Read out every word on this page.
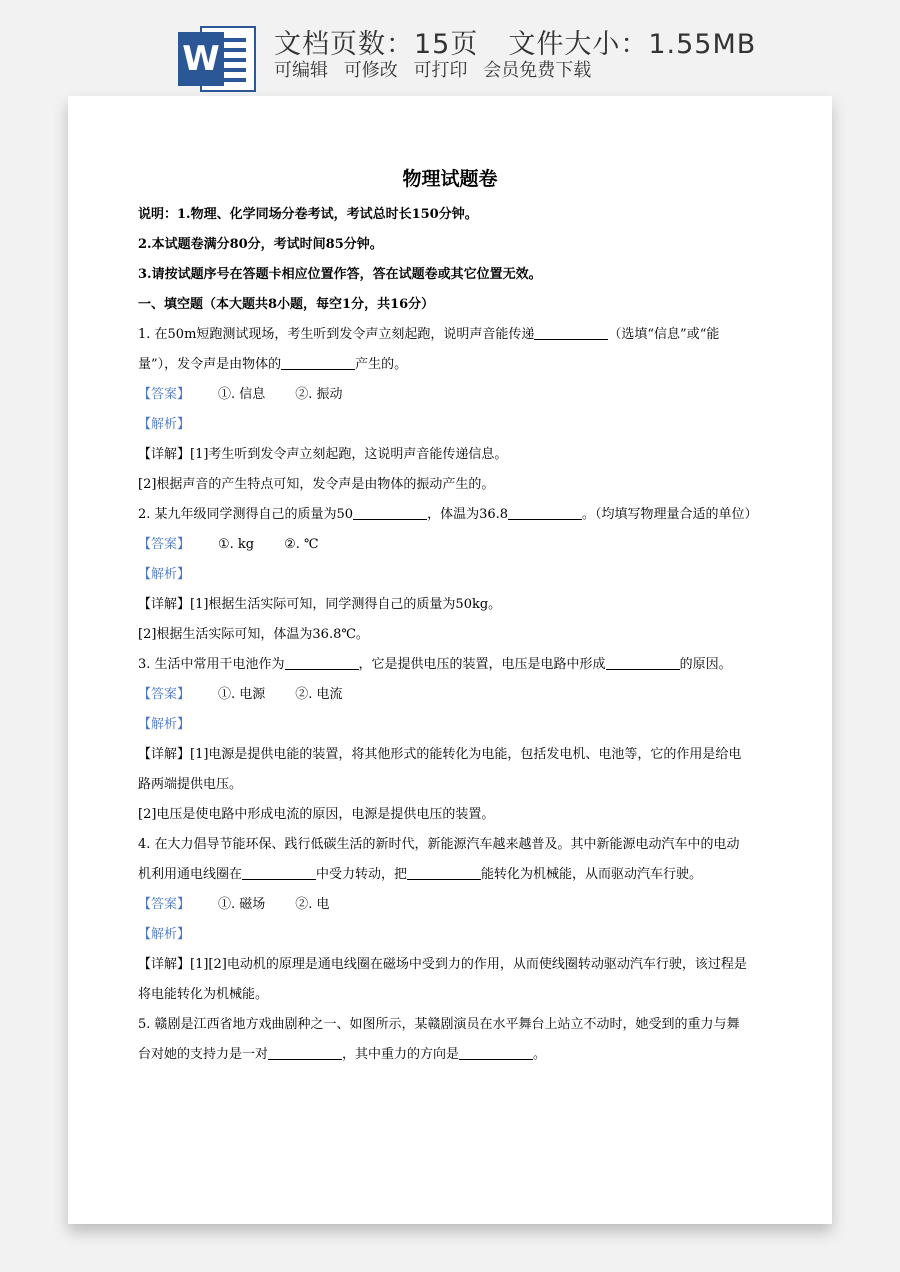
W 文档页数：15页 文件大小：1.55MB
可编辑 可修改 可打印 会员免费下载
物理试题卷

说明：1.物理、化学同场分卷考试，考试总时长150分钟。

2.本试题卷满分80分，考试时间85分钟。

3.请按试题序号在答题卡相应位置作答，答在试题卷或其它位置无效。

一、填空题（本大题共8小题，每空1分，共16分）

1. 在50m短跑测试现场，考生听到发令声立刻起跑，说明声音能传递	（选填“信息”或“能

量”），发令声是由物体的	产生的。

【答案】 ①. 信息 ②. 振动

【解析】

【详解】[1]考生听到发令声立刻起跑，这说明声音能传递信息。

[2]根据声音的产生特点可知，发令声是由物体的振动产生的。

2. 某九年级同学测得自己的质量为50	，体温为36.8	。（均填写物理量合适的单位）

【答案】 ①. kg ②. ℃

【解析】

【详解】[1]根据生活实际可知，同学测得自己的质量为50kg。

[2]根据生活实际可知，体温为36.8℃。

3. 生活中常用干电池作为	，它是提供电压的装置，电压是电路中形成	的原因。

【答案】 ①. 电源 ②. 电流

【解析】

【详解】[1]电源是提供电能的装置，将其他形式的能转化为电能，包括发电机、电池等，它的作用是给电

路两端提供电压。

[2]电压是使电路中形成电流的原因，电源是提供电压的装置。

4. 在大力倡导节能环保、践行低碳生活的新时代，新能源汽车越来越普及。其中新能源电动汽车中的电动

机利用通电线圈在	中受力转动，把	能转化为机械能，从而驱动汽车行驶。

【答案】 ①. 磁场 ②. 电

【解析】

【详解】[1][2]电动机的原理是通电线圈在磁场中受到力的作用，从而使线圈转动驱动汽车行驶，该过程是

将电能转化为机械能。

5. 赣剧是江西省地方戏曲剧种之一、如图所示，某赣剧演员在水平舞台上站立不动时，她受到的重力与舞

台对她的支持力是一对	，其中重力的方向是	。
